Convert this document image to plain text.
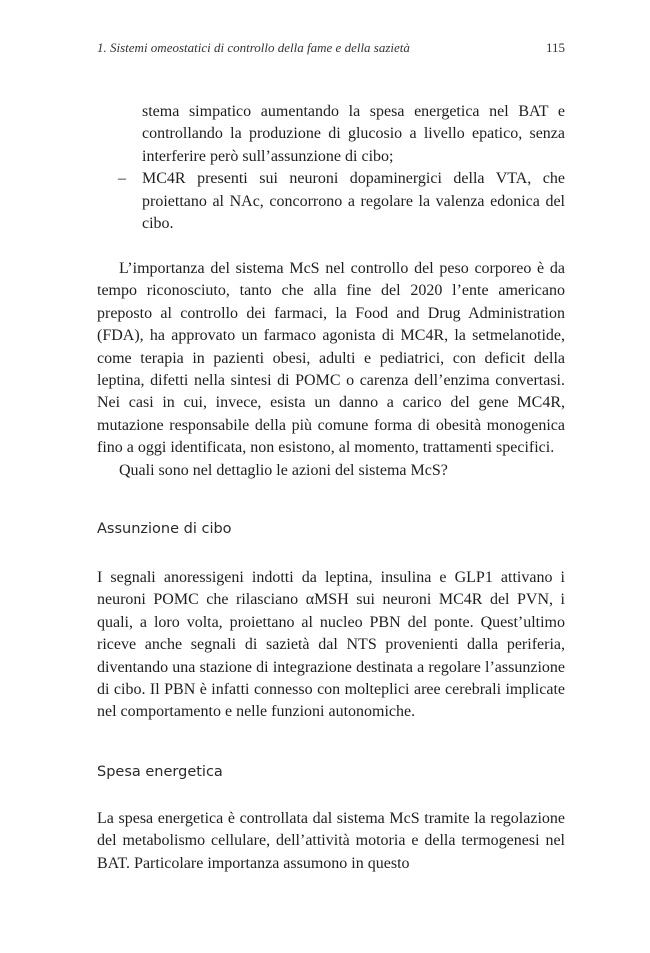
1. Sistemi omeostatici di controllo della fame e della sazietà	115
stema simpatico aumentando la spesa energetica nel BAT e controllando la produzione di glucosio a livello epatico, senza interferire però sull’assunzione di cibo;
– MC4R presenti sui neuroni dopaminergici della VTA, che proiettano al NAc, concorrono a regolare la valenza edonica del cibo.

L’importanza del sistema McS nel controllo del peso corporeo è da tempo riconosciuto, tanto che alla fine del 2020 l’ente americano preposto al controllo dei farmaci, la Food and Drug Administration (FDA), ha approvato un farmaco agonista di MC4R, la setmelanotide, come terapia in pazienti obesi, adulti e pediatrici, con deficit della leptina, difetti nella sintesi di POMC o carenza dell’enzima convertasi. Nei casi in cui, invece, esista un danno a carico del gene MC4R, mutazione responsabile della più comune forma di obesità monogenica fino a oggi identificata, non esistono, al momento, trattamenti specifici.

Quali sono nel dettaglio le azioni del sistema McS?

Assunzione di cibo

I segnali anoressigeni indotti da leptina, insulina e GLP1 attivano i neuroni POMC che rilasciano αMSH sui neuroni MC4R del PVN, i quali, a loro volta, proiettano al nucleo PBN del ponte. Quest’ultimo riceve anche segnali di sazietà dal NTS provenienti dalla periferia, diventando una stazione di integrazione destinata a regolare l’assunzione di cibo. Il PBN è infatti connesso con molteplici aree cerebrali implicate nel comportamento e nelle funzioni autonomiche.

Spesa energetica

La spesa energetica è controllata dal sistema McS tramite la regolazione del metabolismo cellulare, dell’attività motoria e della termogenesi nel BAT. Particolare importanza assumono in questo
